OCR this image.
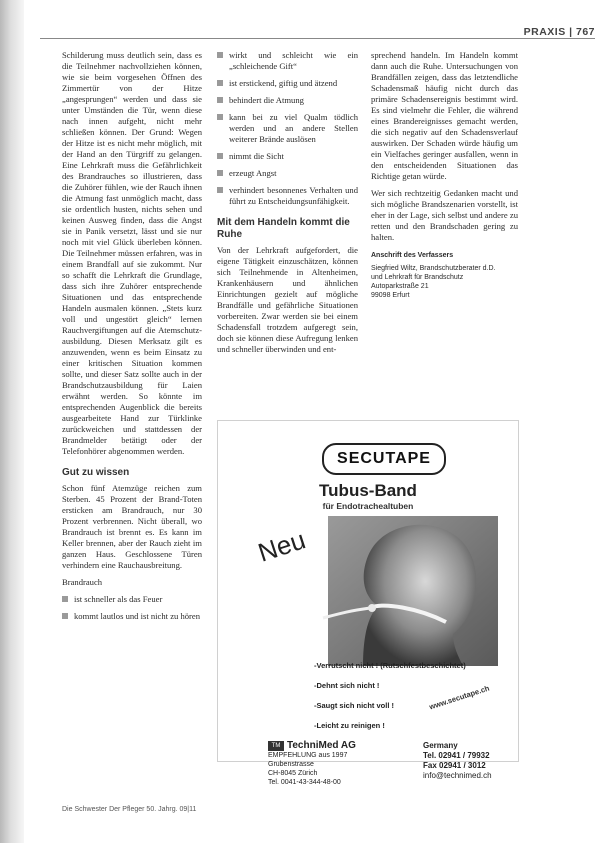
PRAXIS | 767

Schilderung muss deutlich sein, dass es die Teilnehmer nachvollziehen können, wie sie beim vorgesehen Öffnen des Zimmertür von der Hitze „angesprungen“ werden und dass sie unter Umständen die Tür, wenn diese nach innen aufgeht, nicht mehr schließen können. Der Grund: Wegen der Hitze ist es nicht mehr möglich, mit der Hand an den Türgriff zu gelangen. Eine Lehrkraft muss die Gefährlichkeit des Brandrauches so illustrieren, dass die Zuhörer fühlen, wie der Rauch ihnen die Atmung fast unmöglich macht, dass sie ordentlich husten, nichts sehen und keinen Ausweg finden, dass die Angst sie in Panik versetzt, lässt und sie nur noch mit viel Glück überleben können. Die Teilnehmer müssen erfahren, was in einem Brandfall auf sie zukommt. Nur so schafft die Lehrkraft die Grundlage, dass sich ihre Zuhörer entsprechende Situationen und das entsprechende Handeln ausmalen können. „Stets kurz voll und ungestört gleich“ lernen Rauchvergiftungen auf die Atemschutz-ausbildung. Diesen Merksatz gilt es anzuwenden, wenn es beim Einsatz zu einer kritischen Situation kommen sollte, und dieser Satz sollte auch in der Brandschutzausbildung für Laien erwähnt werden. So könnte im entsprechenden Augenblick die bereits ausgearbeitete Hand zur Türklinke zurückweichen und stattdessen der Brandmelder betätigt oder der Telefonhörer abgenommen werden.

Gut zu wissen

Schon fünf Atemzüge reichen zum Sterben. 45 Prozent der Brand-Toten ersticken am Brandrauch, nur 30 Prozent verbrennen. Nicht überall, wo Brandrauch ist brennt es. Es kann im Keller brennen, aber der Rauch zieht im ganzen Haus. Geschlossene Türen verhindern eine Rauchausbreitung.

Brandrauch

ist schneller als das Feuer

kommt lautlos und ist nicht zu hören

wirkt und schleicht wie ein „schleichende Gift“

ist erstickend, giftig und ätzend

behindert die Atmung

kann bei zu viel Qualm tödlich werden und an andere Stellen weiterer Brände auslösen

nimmt die Sicht

erzeugt Angst

verhindert besonnenes Verhalten und führt zu Entscheidungsunfähigkeit.

Mit dem Handeln kommt die Ruhe

Von der Lehrkraft aufgefordert, die eigene Tätigkeit einzuschätzen, können sich Teilnehmende in Altenheimen, Krankenhäusern und ähnlichen Einrichtungen gezielt auf mögliche Brandfälle und gefährliche Situationen vorbereiten. Zwar werden sie bei einem Schadensfall trotzdem aufgeregt sein, doch sie können diese Aufregung lenken und schneller überwinden und ent-

sprechend handeln. Im Handeln kommt dann auch die Ruhe. Untersuchungen von Brandfällen zeigen, dass das letztendliche Schadensmaß häufig nicht durch das primäre Schadensereignis bestimmt wird. Es sind vielmehr die Fehler, die während eines Brandereignisses gemacht werden, die sich negativ auf den Schadensverlauf auswirken. Der Schaden würde häufig um ein Vielfaches geringer ausfallen, wenn in den entscheidenden Situationen das Richtige getan würde.

Wer sich rechtzeitig Gedanken macht und sich mögliche Brandszenarien vorstellt, ist eher in der Lage, sich selbst und andere zu retten und den Brandschaden gering zu halten.

Anschrift des Verfassers
Siegfried Wiltz, Brandschutzberater d.D.
und Lehrkraft für Brandschutz
Autoparkstraße 21
99098 Erfurt
SECUTAPE
Tubus-Band
für Endotrachealtuben
Neu
-Verrutscht nicht ! (Rutschfestbeschichtet)
-Dehnt sich nicht !
-Saugt sich nicht voll !
-Leicht zu reinigen !
www.secutape.ch
TM TechniMed AG
EMPFEHLUNG aus 1997
Grubenstrasse
CH-8045 Zürich
Tel. 0041-43-344-48-00
Germany
Tel. 02941 / 79932
Fax 02941 / 3012
info@technimed.ch
Die Schwester Der Pfleger 50. Jahrg. 09|11
